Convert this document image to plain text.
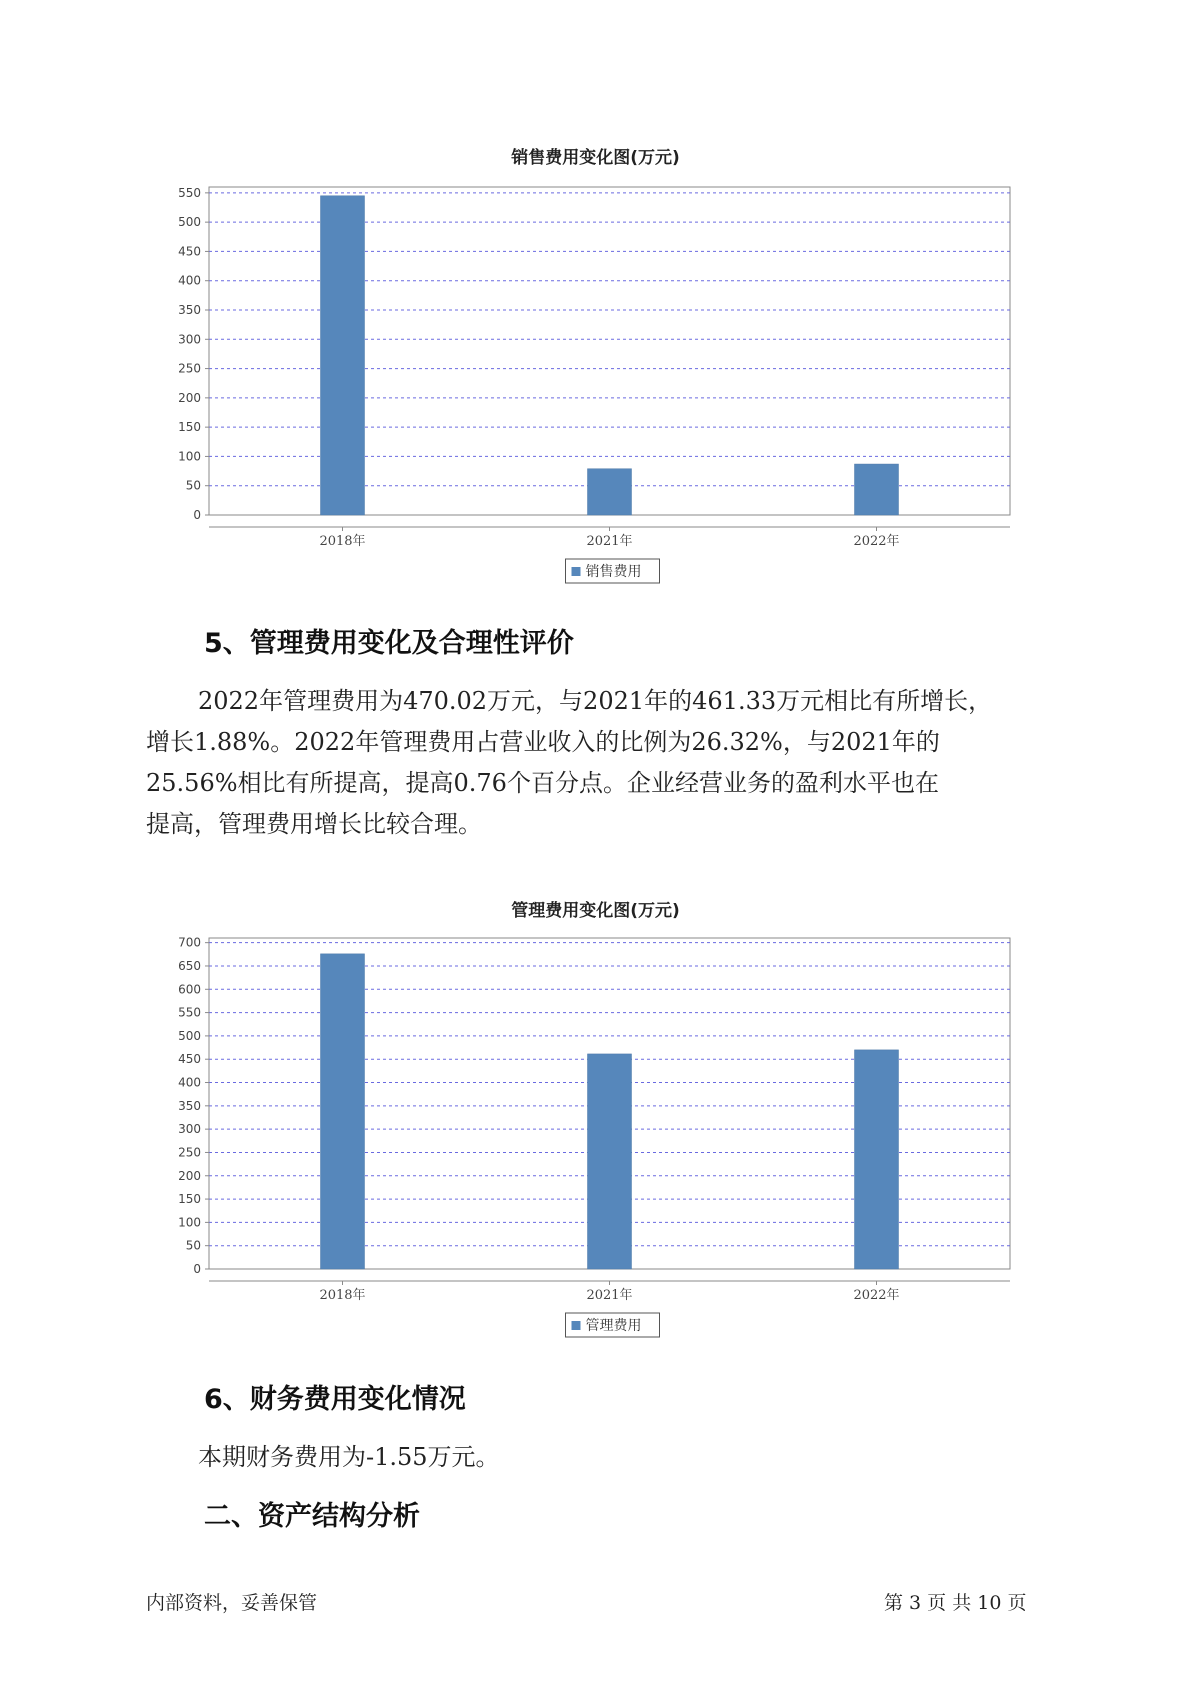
销售费用变化图(万元)
0
50
100
150
200
250
300
350
400
450
500
550
2018年	2021年	2022年
销售费用
5、管理费用变化及合理性评价

2022年管理费用为470.02万元，与2021年的461.33万元相比有所增长，
增长1.88%。2022年管理费用占营业收入的比例为26.32%，与2021年的
25.56%相比有所提高，提高0.76个百分点。企业经营业务的盈利水平也在
提高，管理费用增长比较合理。

管理费用变化图(万元)
0
50
100
150
200
250
300
350
400
450
500
550
600
650
700
2018年	2021年	2022年
管理费用
6、财务费用变化情况

本期财务费用为-1.55万元。

二、资产结构分析
内部资料，妥善保管	第 3 页 共 10 页
